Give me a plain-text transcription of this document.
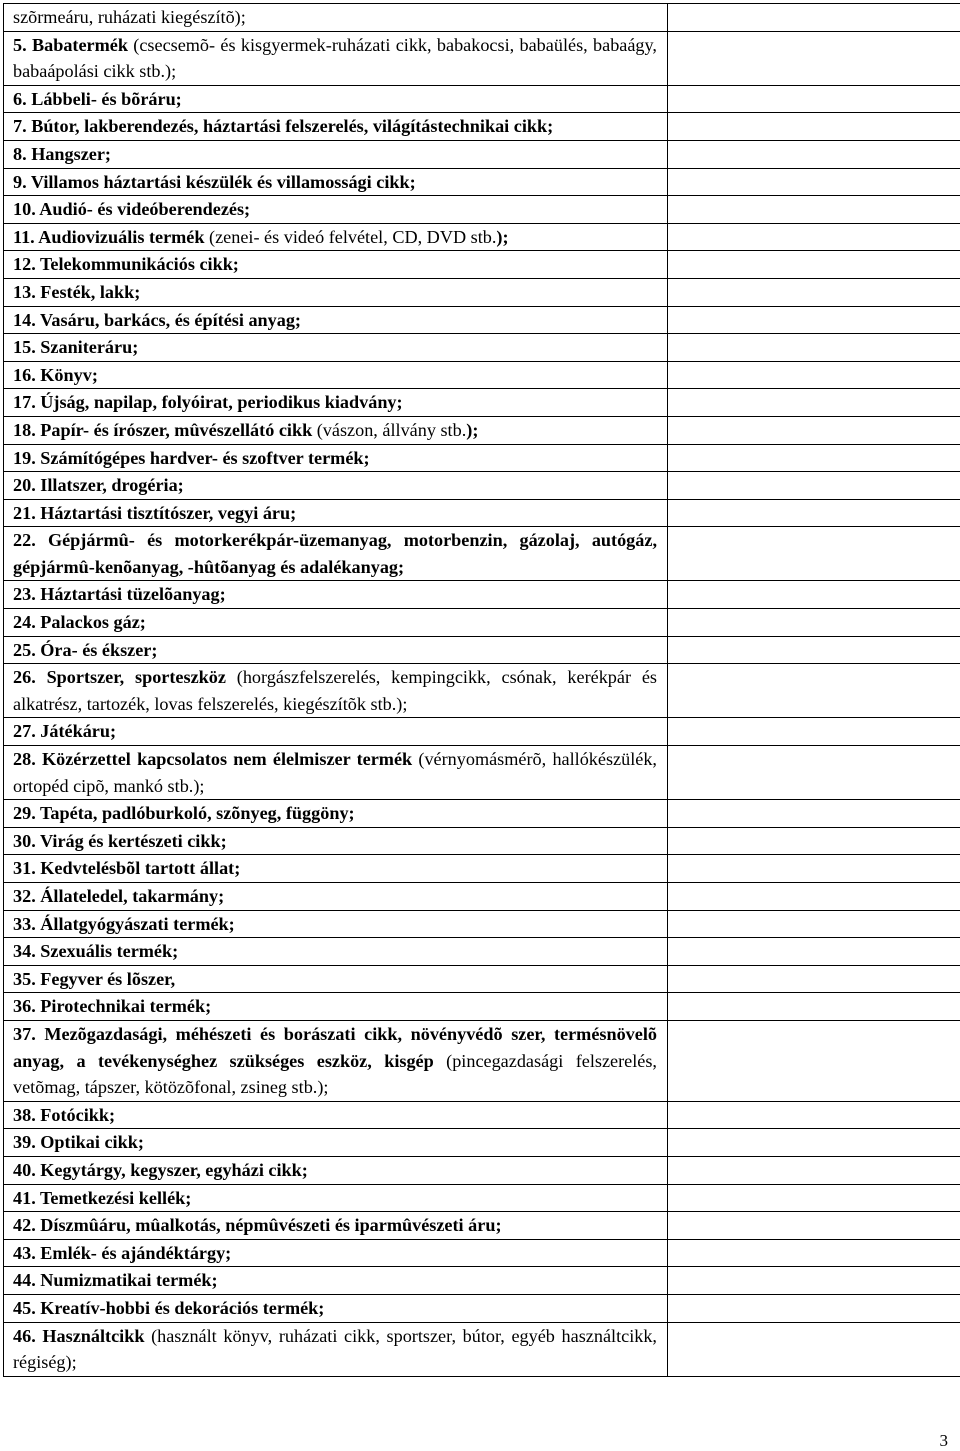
szõrmeáru, ruházati kiegészítõ);	
5. Babatermék (csecsemõ- és kisgyermek-ruházati cikk, babakocsi, babaülés, babaágy, babaápolási cikk stb.);	
6. Lábbeli- és bõráru;	
7. Bútor, lakberendezés, háztartási felszerelés, világítástechnikai cikk;	
8. Hangszer;	
9. Villamos háztartási készülék és villamossági cikk;	
10. Audió- és videóberendezés;	
11. Audiovizuális termék (zenei- és videó felvétel, CD, DVD stb.);	
12. Telekommunikációs cikk;	
13. Festék, lakk;	
14. Vasáru, barkács, és építési anyag;	
15. Szaniteráru;	
16. Könyv;	
17. Újság, napilap, folyóirat, periodikus kiadvány;	
18. Papír- és írószer, mûvészellátó cikk (vászon, állvány stb.);	
19. Számítógépes hardver- és szoftver termék;	
20. Illatszer, drogéria;	
21. Háztartási tisztítószer, vegyi áru;	
22. Gépjármû- és motorkerékpár-üzemanyag, motorbenzin, gázolaj, autógáz, gépjármû-kenõanyag, -hûtõanyag és adalékanyag;	
23. Háztartási tüzelõanyag;	
24. Palackos gáz;	
25. Óra- és ékszer;	
26. Sportszer, sporteszköz (horgászfelszerelés, kempingcikk, csónak, kerékpár és alkatrész, tartozék, lovas felszerelés, kiegészítõk stb.);	
27. Játékáru;	
28. Közérzettel kapcsolatos nem élelmiszer termék (vérnyomásmérõ, hallókészülék, ortopéd cipõ, mankó stb.);	
29. Tapéta, padlóburkoló, szõnyeg, függöny;	
30. Virág és kertészeti cikk;	
31. Kedvtelésbõl tartott állat;	
32. Állateledel, takarmány;	
33. Állatgyógyászati termék;	
34. Szexuális termék;	
35. Fegyver és lõszer,	
36. Pirotechnikai termék;	
37. Mezõgazdasági, méhészeti és borászati cikk, növényvédõ szer, termésnövelõ anyag, a tevékenységhez szükséges eszköz, kisgép (pincegazdasági felszerelés, vetõmag, tápszer, kötözõfonal, zsineg stb.);	
38. Fotócikk;	
39. Optikai cikk;	
40. Kegytárgy, kegyszer, egyházi cikk;	
41. Temetkezési kellék;	
42. Díszmûáru, mûalkotás, népmûvészeti és iparmûvészeti áru;	
43. Emlék- és ajándéktárgy;	
44. Numizmatikai termék;	
45. Kreatív-hobbi és dekorációs termék;	
46. Használtcikk (használt könyv, ruházati cikk, sportszer, bútor, egyéb használtcikk, régiség);	
3
